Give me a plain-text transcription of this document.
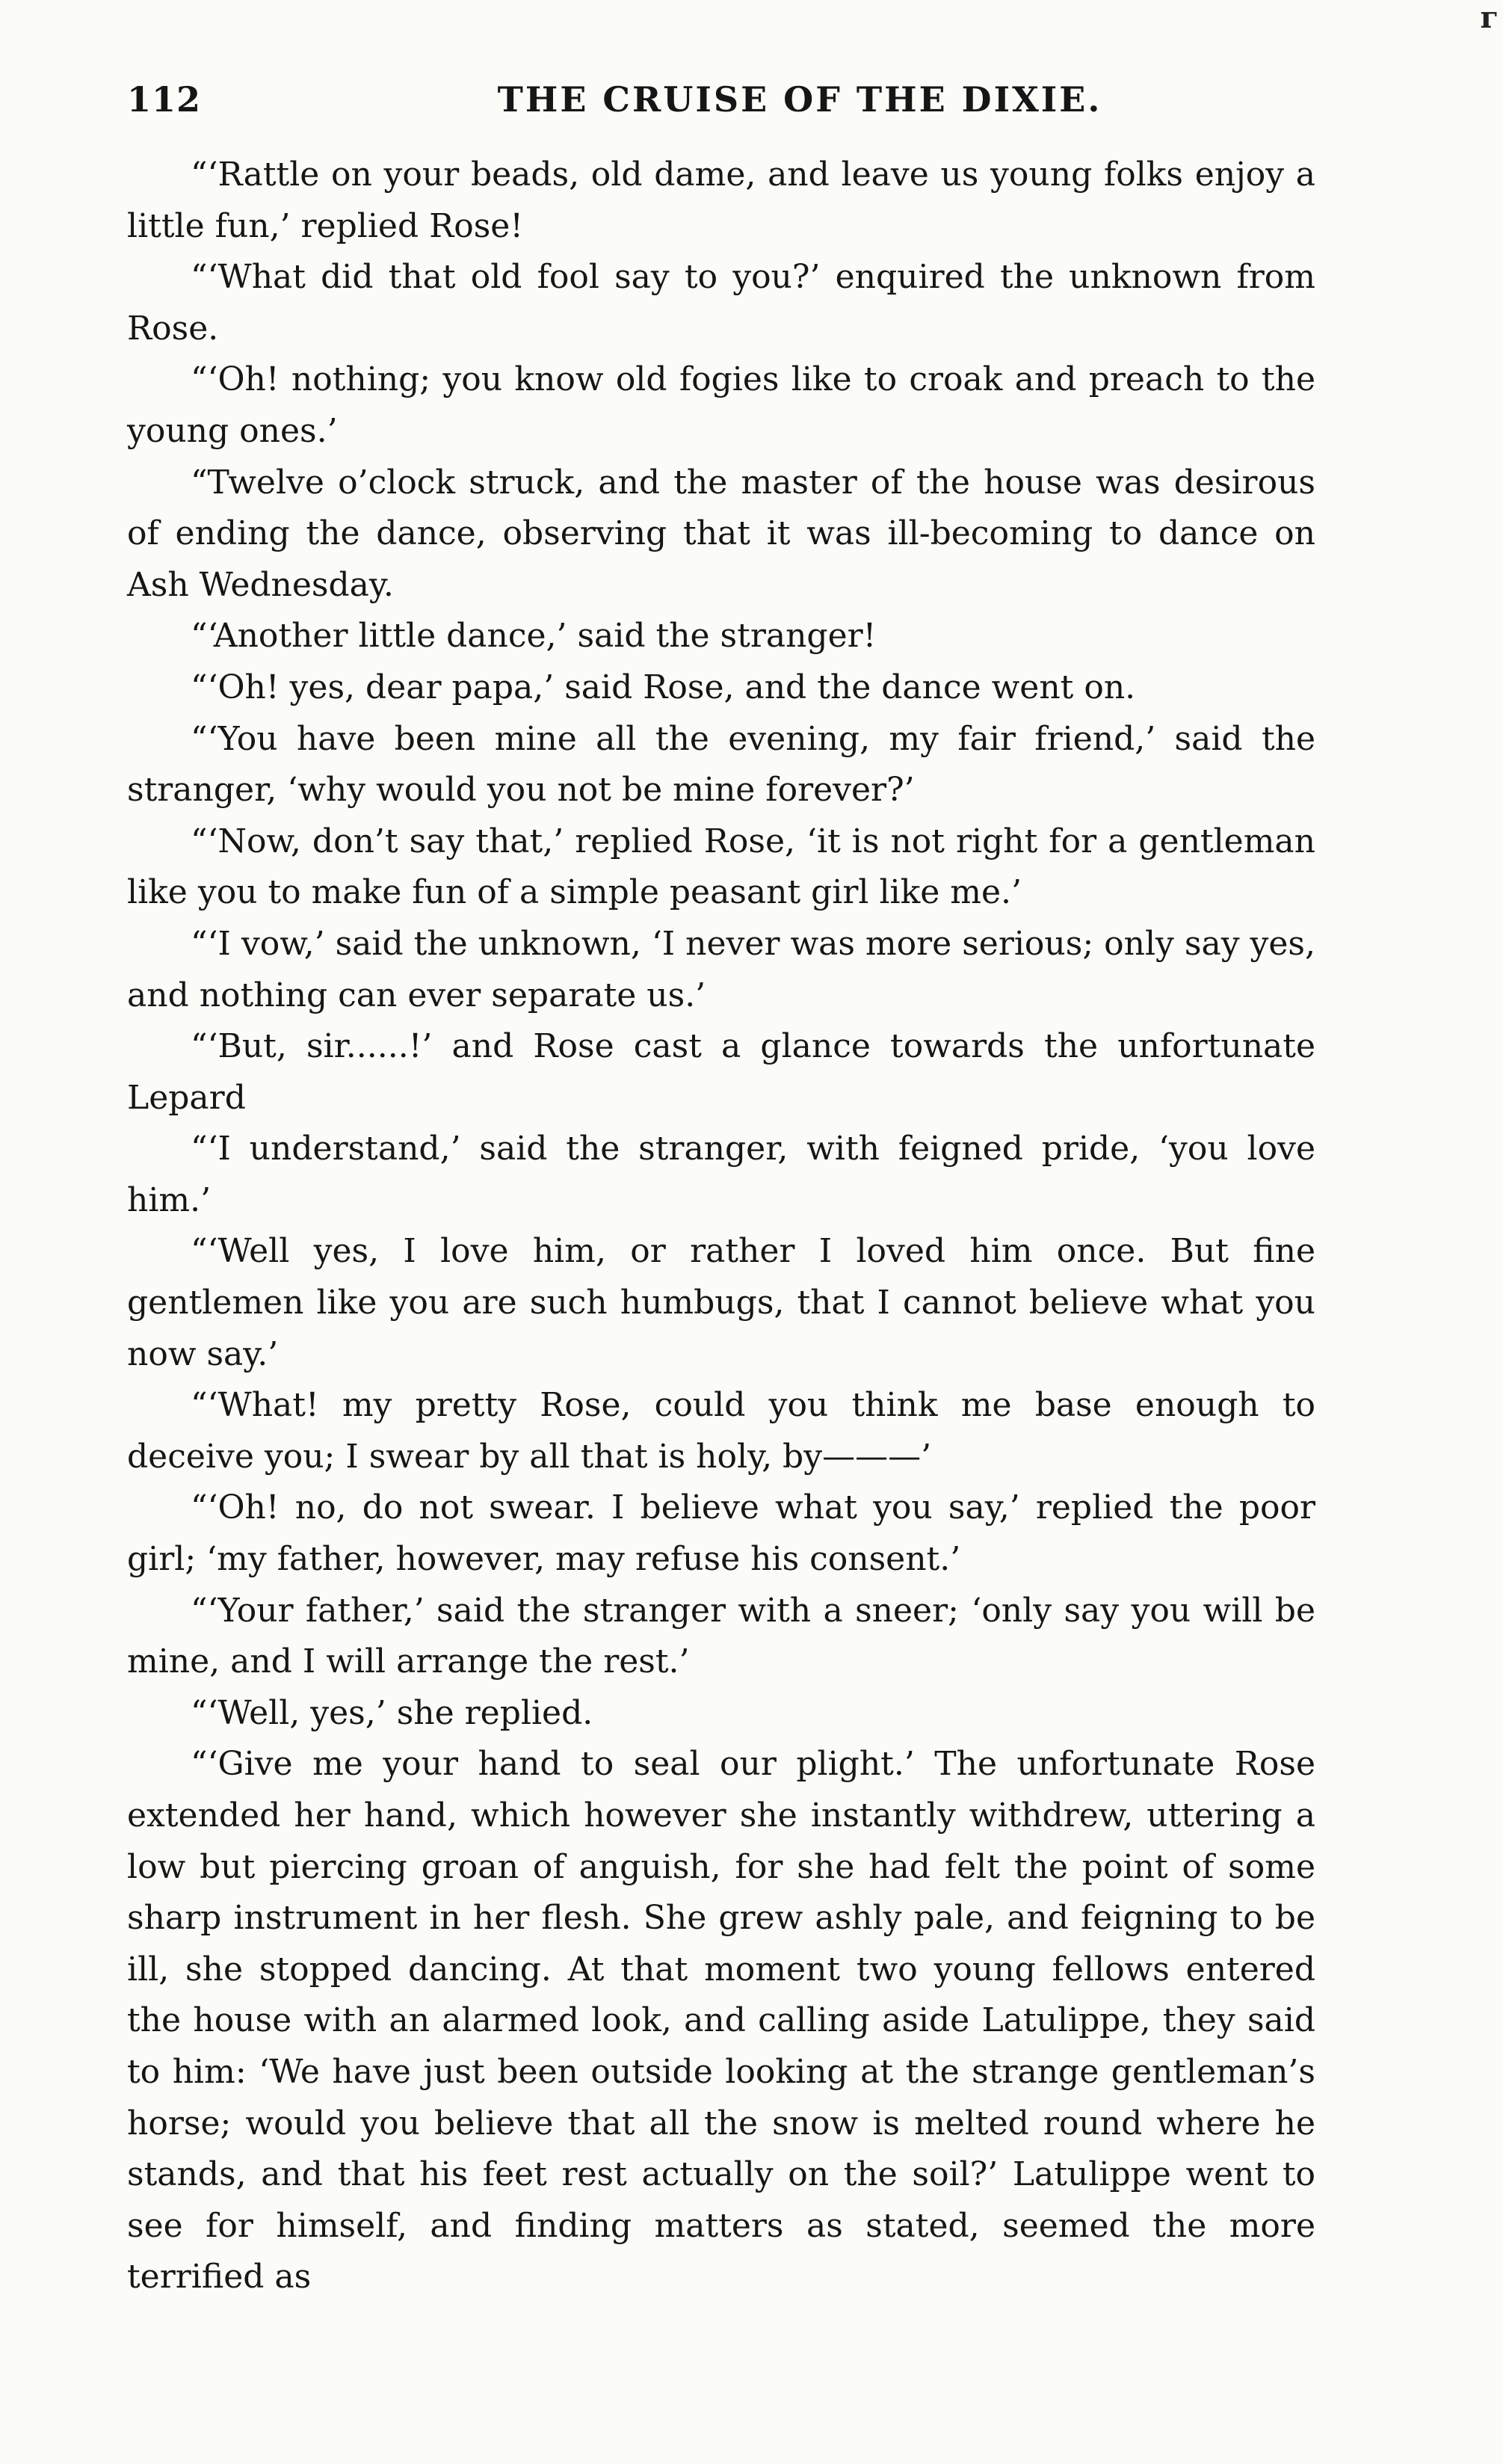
г
112	THE CRUISE OF THE DIXIE.

“‘Rattle on your beads, old dame, and leave us young folks enjoy a little fun,’ replied Rose!

“‘What did that old fool say to you?’ enquired the unknown from Rose.

“‘Oh! nothing; you know old fogies like to croak and preach to the young ones.’

“Twelve o’clock struck, and the master of the house was desirous of ending the dance, observing that it was ill-becoming to dance on Ash Wednesday.

“‘Another little dance,’ said the stranger!

“‘Oh! yes, dear papa,’ said Rose, and the dance went on.

“‘You have been mine all the evening, my fair friend,’ said the stranger, ‘why would you not be mine forever?’

“‘Now, don’t say that,’ replied Rose, ‘it is not right for a gentleman like you to make fun of a simple peasant girl like me.’

“‘I vow,’ said the unknown, ‘I never was more serious; only say yes, and nothing can ever separate us.’

“‘But, sir......!’ and Rose cast a glance towards the unfortunate Lepard

“‘I understand,’ said the stranger, with feigned pride, ‘you love him.’

“‘Well yes, I love him, or rather I loved him once. But fine gentlemen like you are such humbugs, that I cannot believe what you now say.’

“‘What! my pretty Rose, could you think me base enough to deceive you; I swear by all that is holy, by———’

“‘Oh! no, do not swear. I believe what you say,’ replied the poor girl; ‘my father, however, may refuse his consent.’

“‘Your father,’ said the stranger with a sneer; ‘only say you will be mine, and I will arrange the rest.’

“‘Well, yes,’ she replied.

“‘Give me your hand to seal our plight.’ The unfortunate Rose extended her hand, which however she instantly withdrew, uttering a low but piercing groan of anguish, for she had felt the point of some sharp instrument in her flesh. She grew ashly pale, and feigning to be ill, she stopped dancing. At that moment two young fellows entered the house with an alarmed look, and calling aside Latulippe, they said to him: ‘We have just been outside looking at the strange gentleman’s horse; would you believe that all the snow is melted round where he stands, and that his feet rest actually on the soil?’ Latulippe went to see for himself, and finding matters as stated, seemed the more terrified as
